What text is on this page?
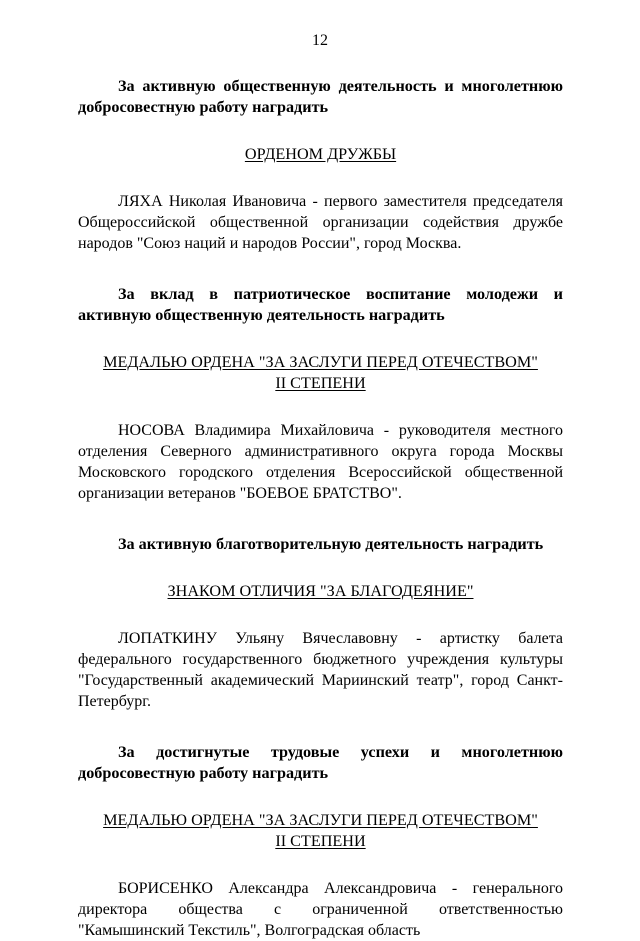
12

За активную общественную деятельность и многолетнюю добросовестную работу наградить

ОРДЕНОМ ДРУЖБЫ

ЛЯХА Николая Ивановича - первого заместителя председателя Общероссийской общественной организации содействия дружбе народов "Союз наций и народов России", город Москва.

За вклад в патриотическое воспитание молодежи и активную общественную деятельность наградить

МЕДАЛЬЮ ОРДЕНА "ЗА ЗАСЛУГИ ПЕРЕД ОТЕЧЕСТВОМ"

II СТЕПЕНИ

НОСОВА Владимира Михайловича - руководителя местного отделения Северного административного округа города Москвы Московского городского отделения Всероссийской общественной организации ветеранов "БОЕВОЕ БРАТСТВО".

За активную благотворительную деятельность наградить

ЗНАКОМ ОТЛИЧИЯ "ЗА БЛАГОДЕЯНИЕ"

ЛОПАТКИНУ Ульяну Вячеславовну - артистку балета федерального государственного бюджетного учреждения культуры "Государственный академический Мариинский театр", город Санкт-Петербург.

За достигнутые трудовые успехи и многолетнюю добросовестную работу наградить

МЕДАЛЬЮ ОРДЕНА "ЗА ЗАСЛУГИ ПЕРЕД ОТЕЧЕСТВОМ"

II СТЕПЕНИ

БОРИСЕНКО Александра Александровича - генерального директора общества с ограниченной ответственностью "Камышинский Текстиль", Волгоградская область
